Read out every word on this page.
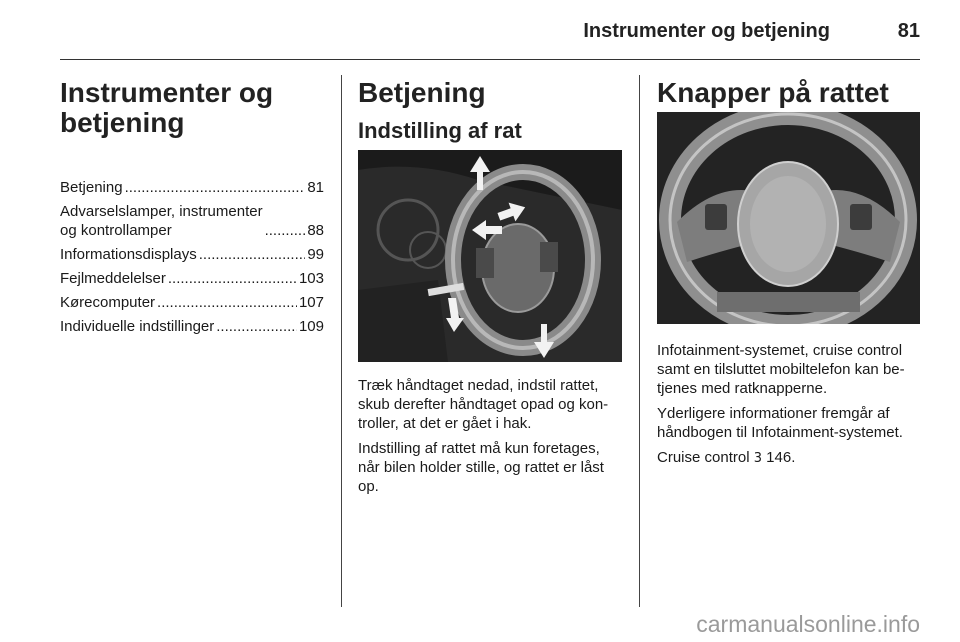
Instrumenter og betjening	81
Instrumenter og
betjening
Betjening .....	81
Advarselslamper, instrumenter
og kontrollamper .....	88
Informationsdisplays .....	99
Fejlmeddelelser .....	103
Kørecomputer .....	107
Individuelle indstillinger .....	109
Betjening
Indstilling af rat

Træk håndtaget nedad, indstil rattet, skub derefter håndtaget opad og kon-troller, at det er gået i hak.

Indstilling af rattet må kun foretages, når bilen holder stille, og rattet er låst op.

Knapper på rattet

Infotainment-systemet, cruise control samt en tilsluttet mobiltelefon kan be-tjenes med ratknapperne.

Yderligere informationer fremgår af håndbogen til Infotainment-systemet.

Cruise control 3 146.

carmanualsonline.info
